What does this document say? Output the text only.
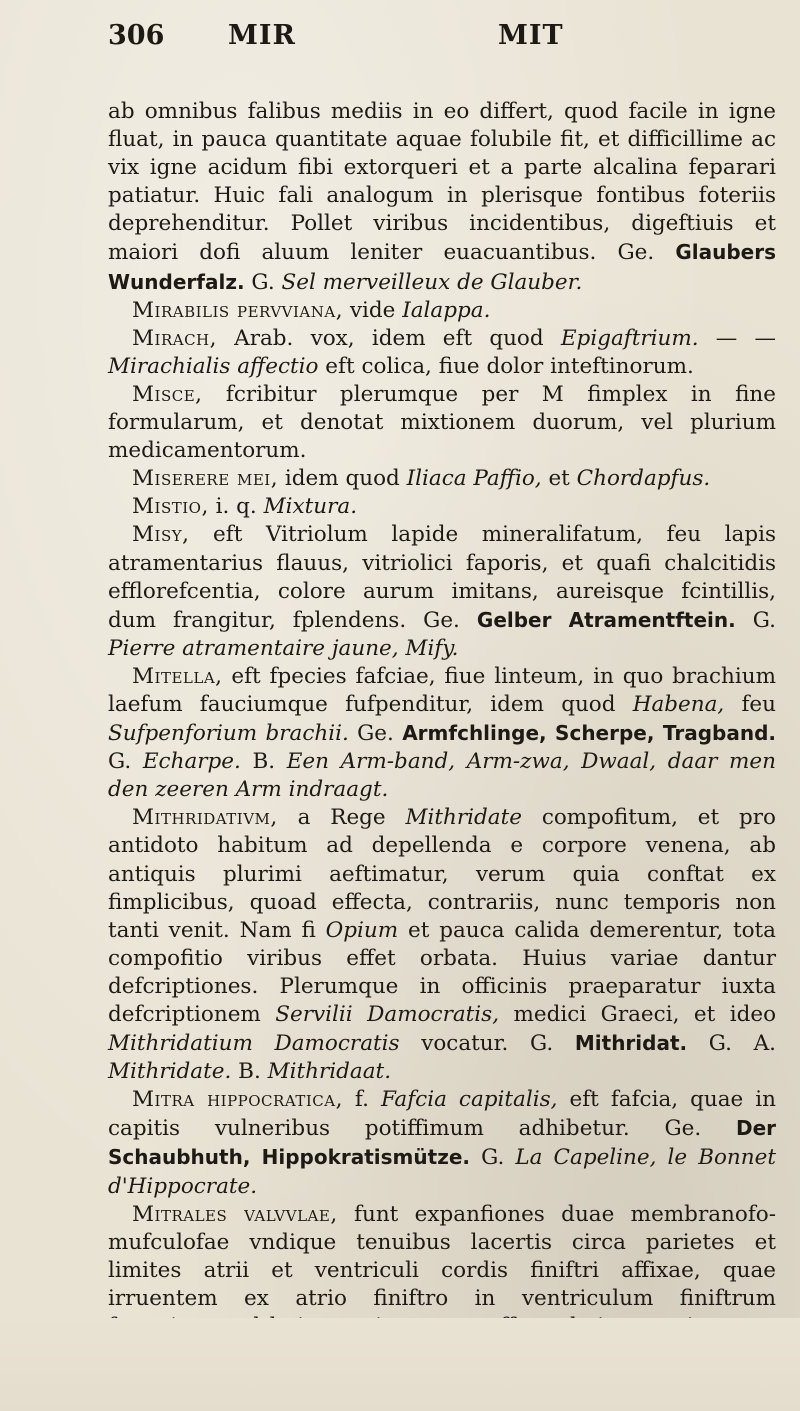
306	MIR	MIT

ab omnibus falibus mediis in eo differt, quod facile in igne fluat, in pauca quantitate aquae folubile fit, et difficillime ac vix igne acidum fibi extorqueri et a parte alcalina feparari patiatur. Huic fali analogum in plerisque fontibus foteriis deprehenditur. Pollet viribus incidentibus, digeftiuis et maiori dofi aluum leniter euacuantibus. Ge. Glaubers Wunderfalz. G. Sel merveilleux de Glauber.

Mirabilis pervviana, vide Ialappa.

Mirach, Arab. vox, idem eft quod Epigaftrium. — — Mirachialis affectio eft colica, fiue dolor inteftinorum.

Misce, fcribitur plerumque per M fimplex in fine formularum, et denotat mixtionem duorum, vel plurium medicamentorum.

Miserere mei, idem quod Iliaca Paffio, et Chordapfus.

Mistio, i. q. Mixtura.

Misy, eft Vitriolum lapide mineralifatum, feu lapis atramentarius flauus, vitriolici faporis, et quafi chalcitidis efflorefcentia, colore aurum imitans, aureisque fcintillis, dum frangitur, fplendens. Ge. Gelber Atramentftein. G. Pierre atramentaire jaune, Mify.

Mitella, eft fpecies fafciae, fiue linteum, in quo brachium laefum fauciumque fufpenditur, idem quod Habena, feu Sufpenforium brachii. Ge. Armfchlinge, Scherpe, Tragband. G. Echarpe. B. Een Arm-band, Arm-zwa, Dwaal, daar men den zeeren Arm indraagt.

Mithridativm, a Rege Mithridate compofitum, et pro antidoto habitum ad depellenda e corpore venena, ab antiquis plurimi aeftimatur, verum quia conftat ex fimplicibus, quoad effecta, contrariis, nunc temporis non tanti venit. Nam fi Opium et pauca calida demerentur, tota compofitio viribus effet orbata. Huius variae dantur defcriptiones. Plerumque in officinis praeparatur iuxta defcriptionem Servilii Damocratis, medici Graeci, et ideo Mithridatium Damocratis vocatur. G. Mithridat. G. A. Mithridate. B. Mithridaat.

Mitra hippocratica, f. Fafcia capitalis, eft fafcia, quae in capitis vulneribus potiffimum adhibetur. Ge. Der Schaubhuth, Hippokratismütze. G. La Capeline, le Bonnet d'Hippocrate.

Mitrales valvvlae, funt expanfiones duae membranofo-mufculofae vndique tenuibus lacertis circa parietes et limites atrii et ventriculi cordis finiftri affixae, quae irruentem ex atrio finiftro in ventriculum finiftrum
